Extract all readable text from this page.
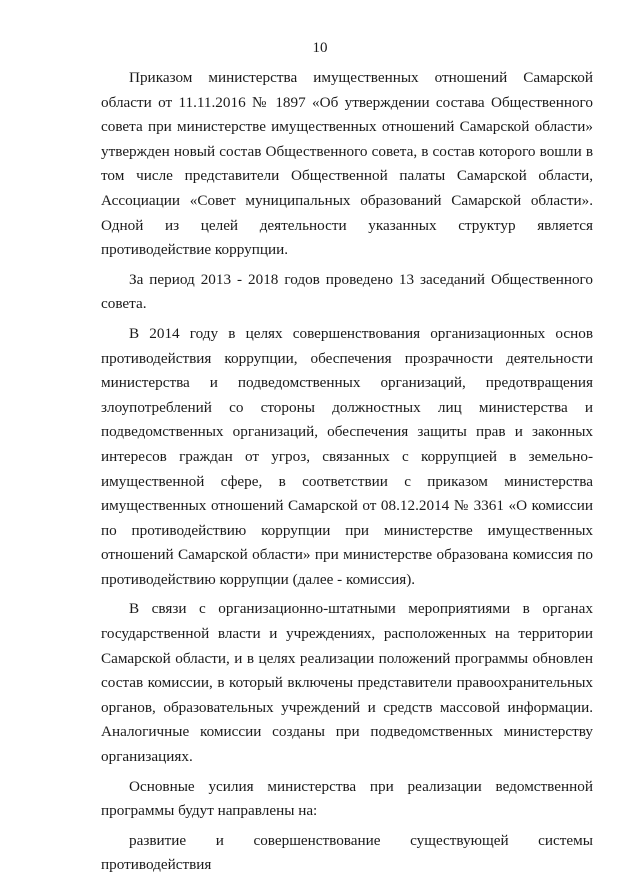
10

Приказом министерства имущественных отношений Самарской области от 11.11.2016 № 1897 «Об утверждении состава Общественного совета при министерстве имущественных отношений Самарской области» утвержден новый состав Общественного совета, в состав которого вошли в том числе представители Общественной палаты Самарской области, Ассоциации «Совет муниципальных образований Самарской области». Одной из целей деятельности указанных структур является противодействие коррупции.

За период 2013 - 2018 годов проведено 13 заседаний Общественного совета.

В 2014 году в целях совершенствования организационных основ противодействия коррупции, обеспечения прозрачности деятельности министерства и подведомственных организаций, предотвращения злоупотреблений со стороны должностных лиц министерства и подведомственных организаций, обеспечения защиты прав и законных интересов граждан от угроз, связанных с коррупцией в земельно-имущественной сфере, в соответствии с приказом министерства имущественных отношений Самарской от 08.12.2014 № 3361 «О комиссии по противодействию коррупции при министерстве имущественных отношений Самарской области» при министерстве образована комиссия по противодействию коррупции (далее - комиссия).

В связи с организационно-штатными мероприятиями в органах государственной власти и учреждениях, расположенных на территории Самарской области, и в целях реализации положений программы обновлен состав комиссии, в который включены представители правоохранительных органов, образовательных учреждений и средств массовой информации. Аналогичные комиссии созданы при подведомственных министерству организациях.

Основные усилия министерства при реализации ведомственной программы будут направлены на:

развитие и совершенствование существующей системы противодействия
